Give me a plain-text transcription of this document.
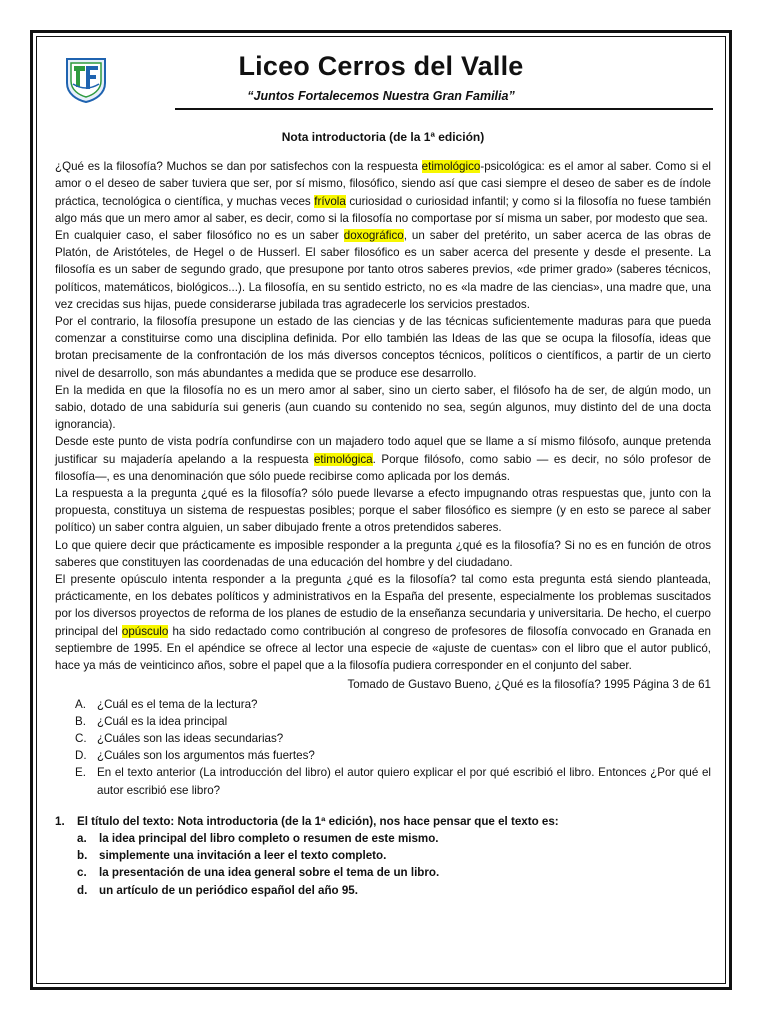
Liceo Cerros del Valle
“Juntos Fortalecemos Nuestra Gran Familia”
Nota introductoria (de la 1ª edición)

¿Qué es la filosofía? Muchos se dan por satisfechos con la respuesta etimológico-psicológica: es el amor al saber. Como si el amor o el deseo de saber tuviera que ser, por sí mismo, filosófico, siendo así que casi siempre el deseo de saber es de índole práctica, tecnológica o científica, y muchas veces frívola curiosidad o curiosidad infantil; y como si la filosofía no fuese también algo más que un mero amor al saber, es decir, como si la filosofía no comportase por sí misma un saber, por modesto que sea.

En cualquier caso, el saber filosófico no es un saber doxográfico, un saber del pretérito, un saber acerca de las obras de Platón, de Aristóteles, de Hegel o de Husserl. El saber filosófico es un saber acerca del presente y desde el presente. La filosofía es un saber de segundo grado, que presupone por tanto otros saberes previos, «de primer grado» (saberes técnicos, políticos, matemáticos, biológicos...). La filosofía, en su sentido estricto, no es «la madre de las ciencias», una madre que, una vez crecidas sus hijas, puede considerarse jubilada tras agradecerle los servicios prestados.

Por el contrario, la filosofía presupone un estado de las ciencias y de las técnicas suficientemente maduras para que pueda comenzar a constituirse como una disciplina definida. Por ello también las Ideas de las que se ocupa la filosofía, ideas que brotan precisamente de la confrontación de los más diversos conceptos técnicos, políticos o científicos, a partir de un cierto nivel de desarrollo, son más abundantes a medida que se produce ese desarrollo.

En la medida en que la filosofía no es un mero amor al saber, sino un cierto saber, el filósofo ha de ser, de algún modo, un sabio, dotado de una sabiduría sui generis (aun cuando su contenido no sea, según algunos, muy distinto del de una docta ignorancia).

Desde este punto de vista podría confundirse con un majadero todo aquel que se llame a sí mismo filósofo, aunque pretenda justificar su majadería apelando a la respuesta etimológica. Porque filósofo, como sabio — es decir, no sólo profesor de filosofía—, es una denominación que sólo puede recibirse como aplicada por los demás.

La respuesta a la pregunta ¿qué es la filosofía? sólo puede llevarse a efecto impugnando otras respuestas que, junto con la propuesta, constituya un sistema de respuestas posibles; porque el saber filosófico es siempre (y en esto se parece al saber político) un saber contra alguien, un saber dibujado frente a otros pretendidos saberes.

Lo que quiere decir que prácticamente es imposible responder a la pregunta ¿qué es la filosofía? Si no es en función de otros saberes que constituyen las coordenadas de una educación del hombre y del ciudadano.

El presente opúsculo intenta responder a la pregunta ¿qué es la filosofía? tal como esta pregunta está siendo planteada, prácticamente, en los debates políticos y administrativos en la España del presente, especialmente los problemas suscitados por los diversos proyectos de reforma de los planes de estudio de la enseñanza secundaria y universitaria. De hecho, el cuerpo principal del opúsculo ha sido redactado como contribución al congreso de profesores de filosofía convocado en Granada en septiembre de 1995. En el apéndice se ofrece al lector una especie de «ajuste de cuentas» con el libro que el autor publicó, hace ya más de veinticinco años, sobre el papel que a la filosofía pudiera corresponder en el conjunto del saber.

Tomado de Gustavo Bueno, ¿Qué es la filosofía? 1995 Página 3 de 61
A. ¿Cuál es el tema de la lectura?
B. ¿Cuál es la idea principal
C. ¿Cuáles son las ideas secundarias?
D. ¿Cuáles son los argumentos más fuertes?
E. En el texto anterior (La introducción del libro) el autor quiero explicar el por qué escribió el libro. Entonces ¿Por qué el autor escribió ese libro?
1. El título del texto: Nota introductoria (de la 1ª edición), nos hace pensar que el texto es:
a. la idea principal del libro completo o resumen de este mismo.
b. simplemente una invitación a leer el texto completo.
c. la presentación de una idea general sobre el tema de un libro.
d. un artículo de un periódico español del año 95.
